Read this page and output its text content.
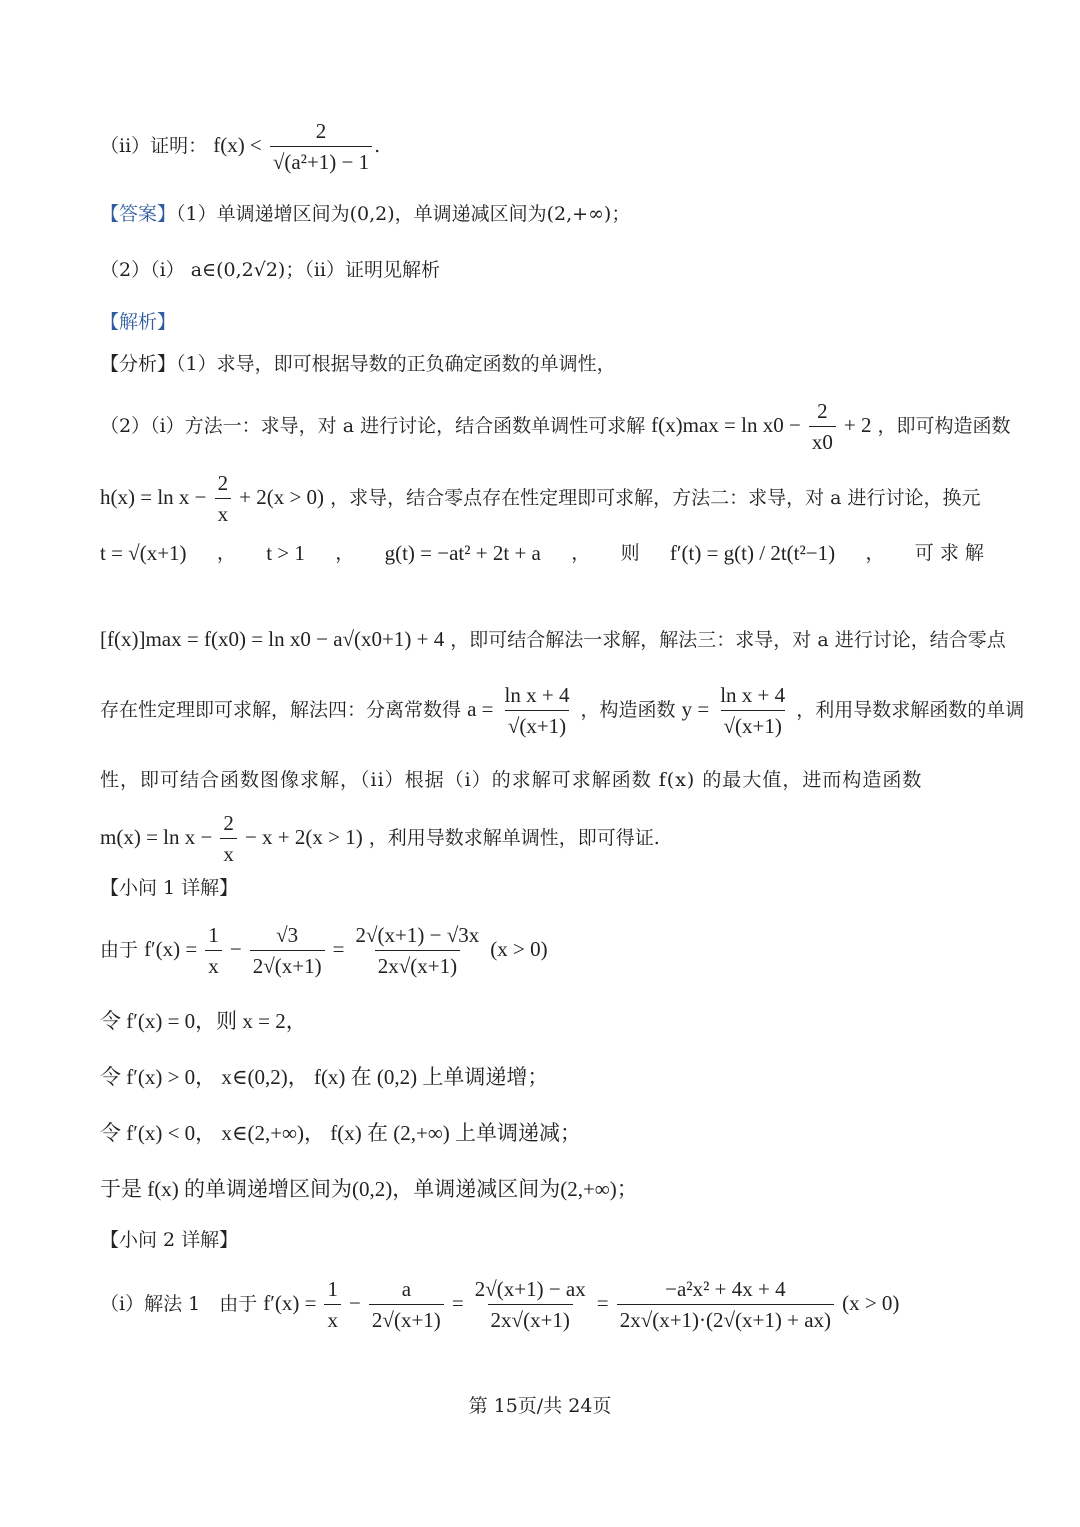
（ii）证明： $f(x) < \frac{2}{\text{√(a²+1) − 1}}$ .
【答案】（1）单调递增区间为(0,2)，单调递减区间为(2,+∞)；
（2）（i） a∈(0,2√2)；（ii）证明见解析
【解析】
【分析】（1）求导，即可根据导数的正负确定函数的单调性，
（2）（i）方法一：求导，对 a 进行讨论，结合函数单调性可求解 $f(x)\max = \ln x0 - \frac{2}{x0} + 2$ ，即可构造函数
$h(x) = \ln x - \frac{2}{x} + 2(x > 0)$ ，求导，结合零点存在性定理即可求解，方法二：求导，对 a 进行讨论，换元
t = √(x+1) ， t > 1 ， g(t) = −at² + 2t + a ， 则 f′(t) = g(t) / 2t(t²−1) ， 可 求 解
[f(x)]max = f(x0) = ln x0 − a√(x0+1) + 4 ，即可结合解法一求解，解法三：求导，对 a 进行讨论，结合零点
存在性定理即可求解，解法四：分离常数得 $a = \frac{\text{ln x + 4}}{√(x+1)}$ ，构造函数 $y = \frac{\text{ln x + 4}}{√(x+1)}$ ，利用导数求解函数的单调
性，即可结合函数图像求解，（ii）根据（i）的求解可求解函数 f(x) 的最大值，进而构造函数
$m(x) = \ln x - \frac{2}{x} - x + 2(x > 1)$ ，利用导数求解单调性，即可得证.
【小问 1 详解】
由于 $f'(x) = \frac{1}{x} - \frac{√3}{2√(x+1)} = \frac{2√(x+1) - √3x}{2x√(x+1)} (x > 0)$
令 f′(x) = 0，则 x = 2，
令 f′(x) > 0， x∈(0,2)， f(x) 在 (0,2) 上单调递增；
令 f′(x) < 0， x∈(2,+∞)， f(x) 在 (2,+∞) 上单调递减；
于是 f(x) 的单调递增区间为(0,2)，单调递减区间为(2,+∞)；
【小问 2 详解】
（i）解法 1　由于 $f'(x) = \frac{1}{x} - \frac{a}{2√(x+1)} = \frac{2√(x+1) - ax}{2x√(x+1)} = \frac{\text{−a²x² + 4x + 4}}{2x√(x+1)\cdot(2√(x+1) + ax)} (x > 0)$
第 15页/共 24页
